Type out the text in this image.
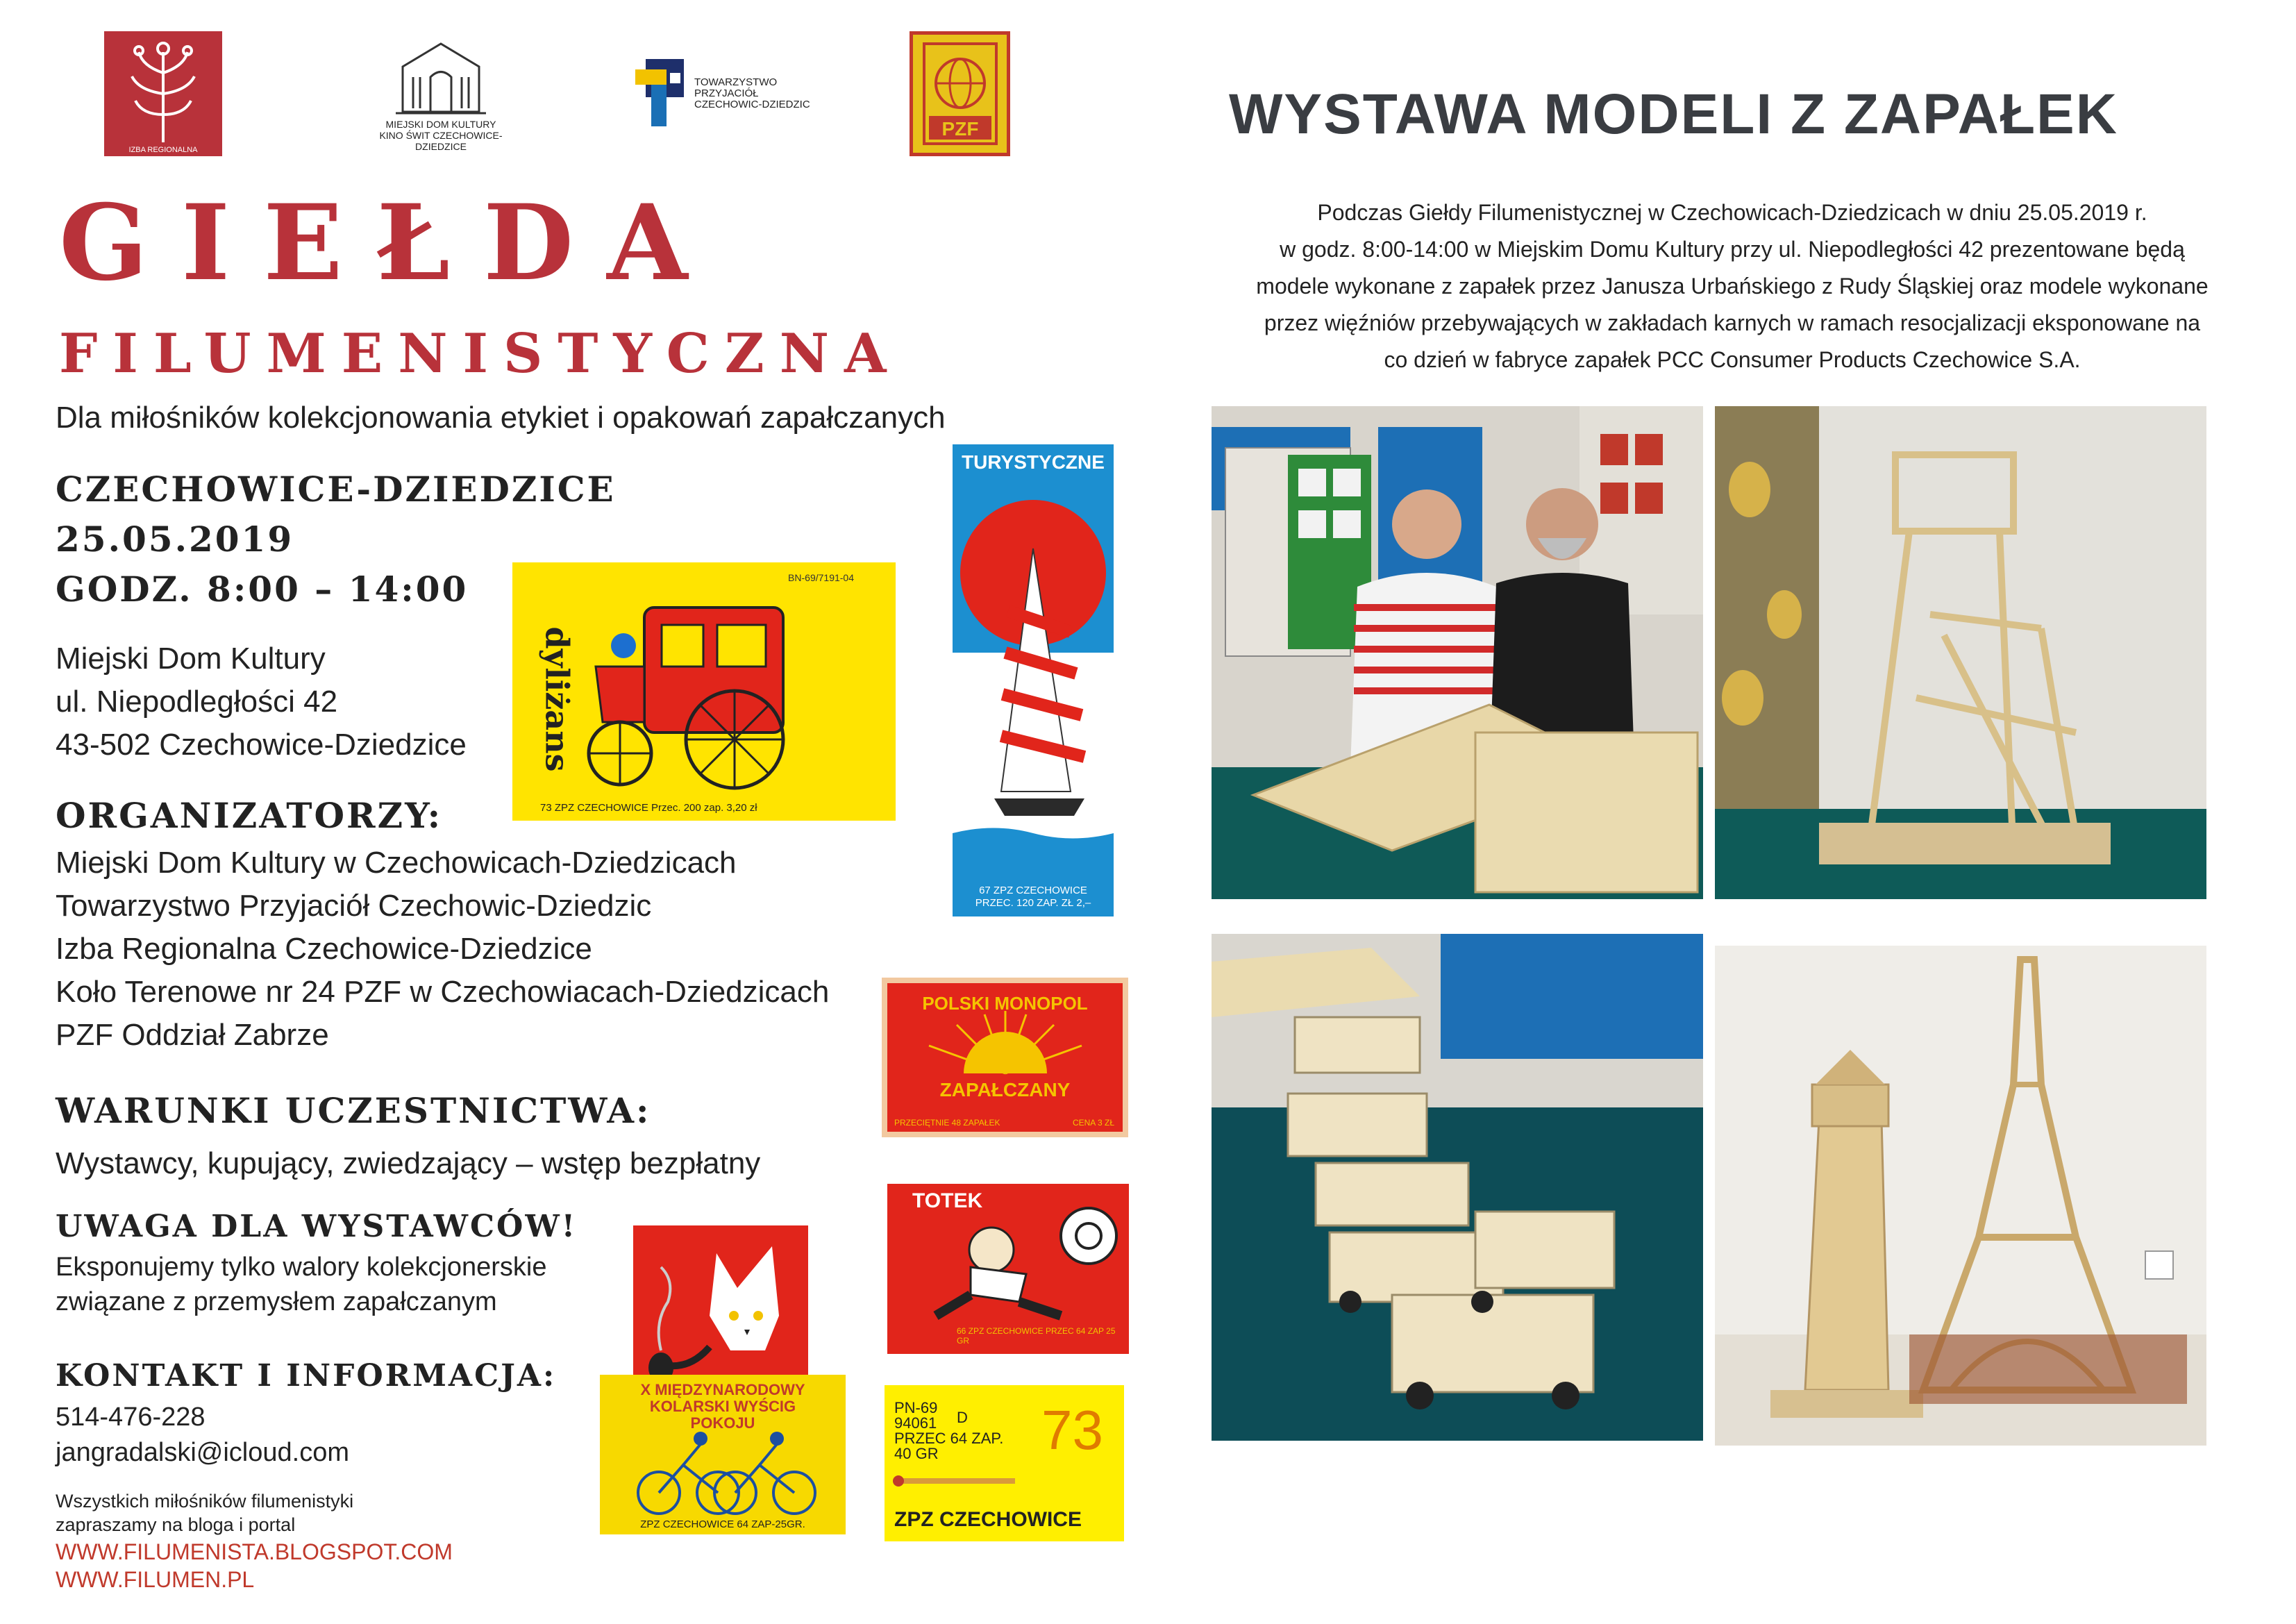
IZBA REGIONALNA
MIEJSKI DOM KULTURY KINO ŚWIT CZECHOWICE-DZIEDZICE
TOWARZYSTWO PRZYJACIÓŁ CZECHOWIC-DZIEDZIC
PZF
GIEŁDA
FILUMENISTYCZNA
Dla miłośników kolekcjonowania etykiet i opakowań zapałczanych
CZECHOWICE-DZIEDZICE
25.05.2019
GODZ. 8:00 – 14:00
Miejski Dom Kultury
ul. Niepodległości 42
43-502 Czechowice-Dziedzice
ORGANIZATORZY:
Miejski Dom Kultury w Czechowicach-Dziedzicach
Towarzystwo Przyjaciół Czechowic-Dziedzic
Izba Regionalna Czechowice-Dziedzice
Koło Terenowe nr 24 PZF w Czechowiacach-Dziedzicach
PZF Oddział Zabrze
WARUNKI UCZESTNICTWA:
Wystawcy, kupujący, zwiedzający – wstęp bezpłatny
UWAGA DLA WYSTAWCÓW!
Eksponujemy tylko walory kolekcjonerskie
związane z przemysłem zapałczanym
KONTAKT I INFORMACJA:
514-476-228
jangradalski@icloud.com
Wszystkich miłośników filumenistyki
zapraszamy na bloga i portal
WWW.FILUMENISTA.BLOGSPOT.COM
WWW.FILUMEN.PL
TURYSTYCZNE
67 ZPZ CZECHOWICE PRZEC. 120 ZAP. ZŁ 2,–
BN-69/7191-04
dyliżans
73 ZPZ CZECHOWICE Przec. 200 zap. 3,20 zł
POLSKI MONOPOL
ZAPAŁCZANY
PRZECIĘTNIE 48 ZAPAŁEK	CENA 3 ZŁ
TOTEK
66 ZPZ CZECHOWICE PRZEC 64 ZAP 25 GR
X MIĘDZYNARODOWY
KOLARSKI WYŚCIG
POKOJU
ZPZ CZECHOWICE 64 ZAP-25GR.
PN-69
94061
PRZEC 64 ZAP.
40 GR
D 73
ZPZ CZECHOWICE
WYSTAWA MODELI Z ZAPAŁEK
Podczas Giełdy Filumenistycznej w Czechowicach-Dziedzicach w dniu 25.05.2019 r.
w godz. 8:00-14:00 w Miejskim Domu Kultury przy ul. Niepodległości 42 prezentowane będą
modele wykonane z zapałek przez Janusza Urbańskiego z Rudy Śląskiej oraz modele wykonane
przez więźniów przebywających w zakładach karnych w ramach resocjalizacji eksponowane na
co dzień w fabryce zapałek PCC Consumer Products Czechowice S.A.
